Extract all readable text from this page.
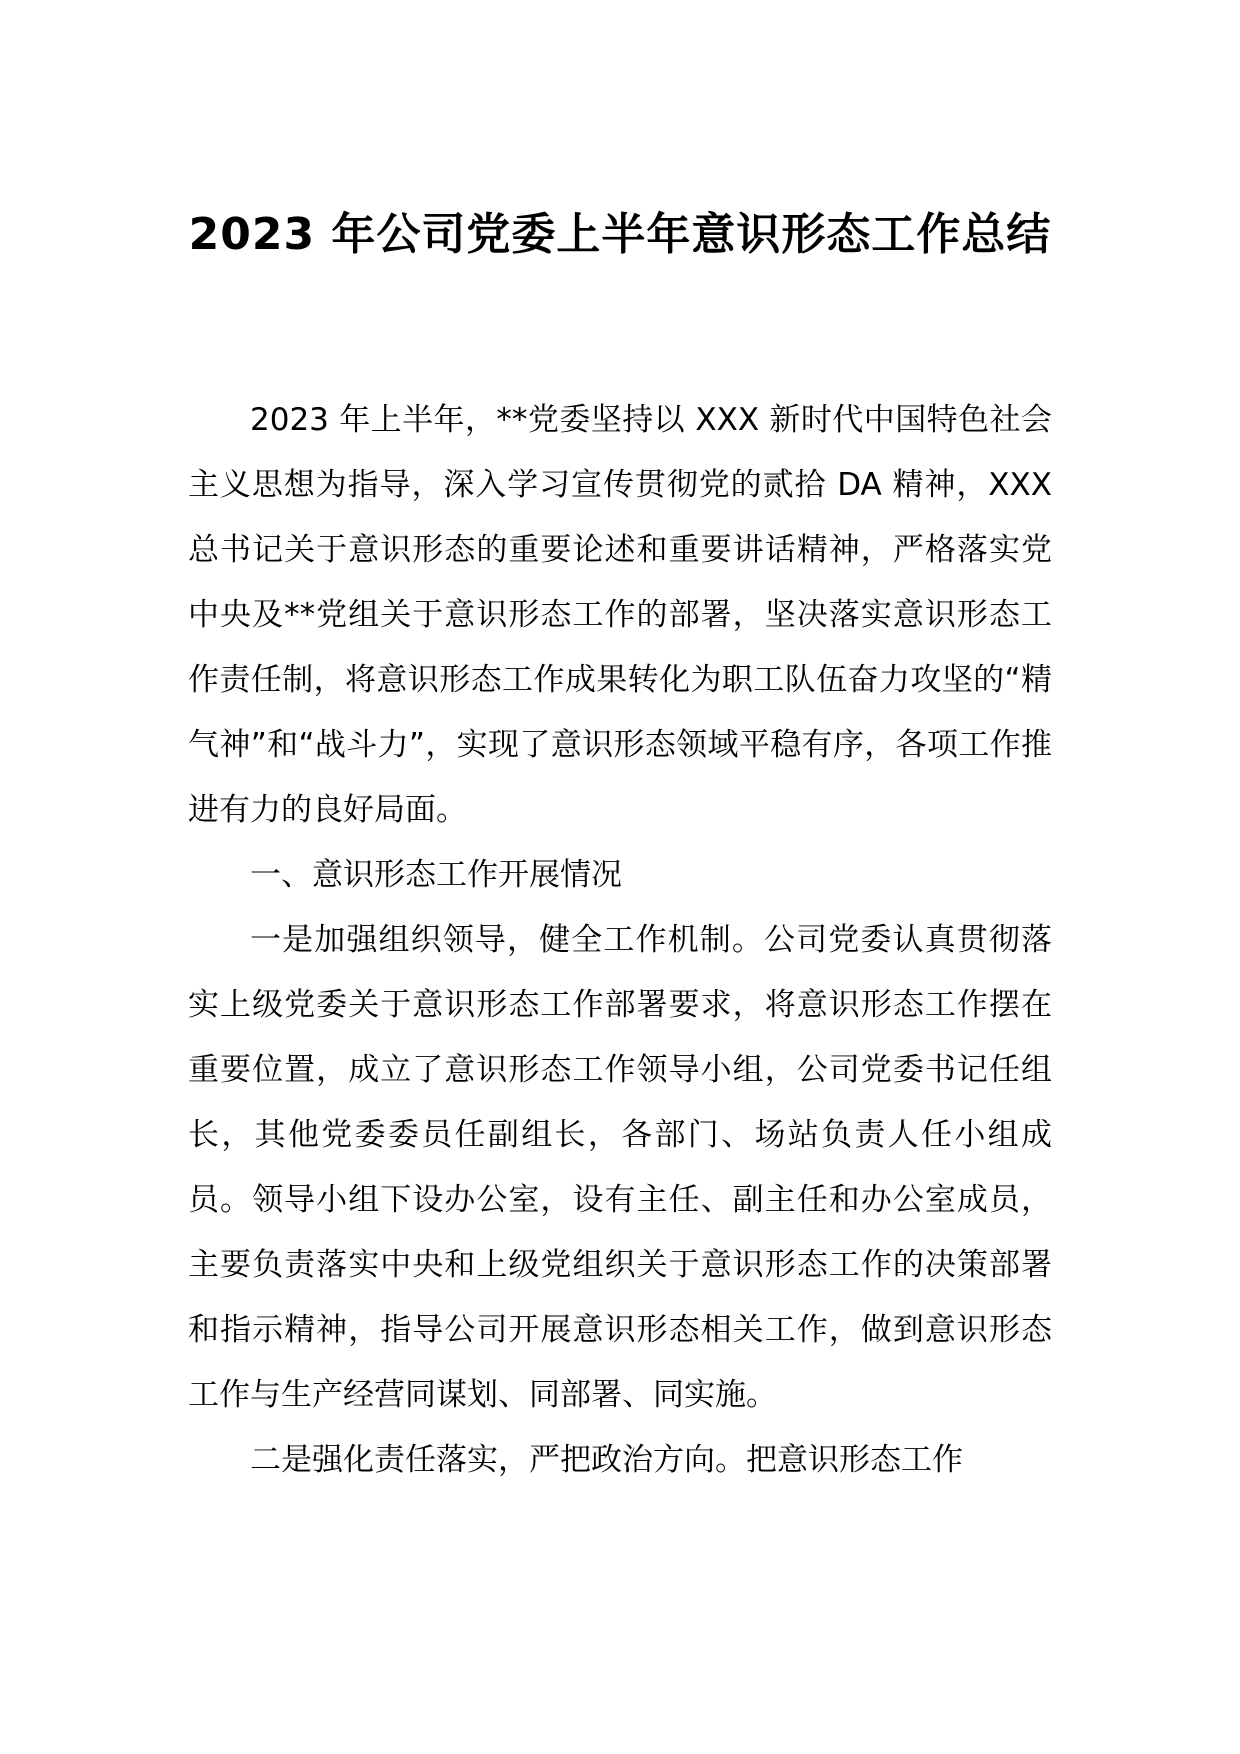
2023 年公司党委上半年意识形态工作总结

2023 年上半年，**党委坚持以 XXX 新时代中国特色社会主义思想为指导，深入学习宣传贯彻党的贰拾 DA 精神，XXX 总书记关于意识形态的重要论述和重要讲话精神，严格落实党中央及**党组关于意识形态工作的部署，坚决落实意识形态工作责任制，将意识形态工作成果转化为职工队伍奋力攻坚的“精气神”和“战斗力”，实现了意识形态领域平稳有序，各项工作推进有力的良好局面。

一、意识形态工作开展情况

一是加强组织领导，健全工作机制。公司党委认真贯彻落实上级党委关于意识形态工作部署要求，将意识形态工作摆在重要位置，成立了意识形态工作领导小组，公司党委书记任组长，其他党委委员任副组长，各部门、场站负责人任小组成员。领导小组下设办公室，设有主任、副主任和办公室成员，主要负责落实中央和上级党组织关于意识形态工作的决策部署和指示精神，指导公司开展意识形态相关工作，做到意识形态工作与生产经营同谋划、同部署、同实施。

二是强化责任落实，严把政治方向。把意识形态工作
